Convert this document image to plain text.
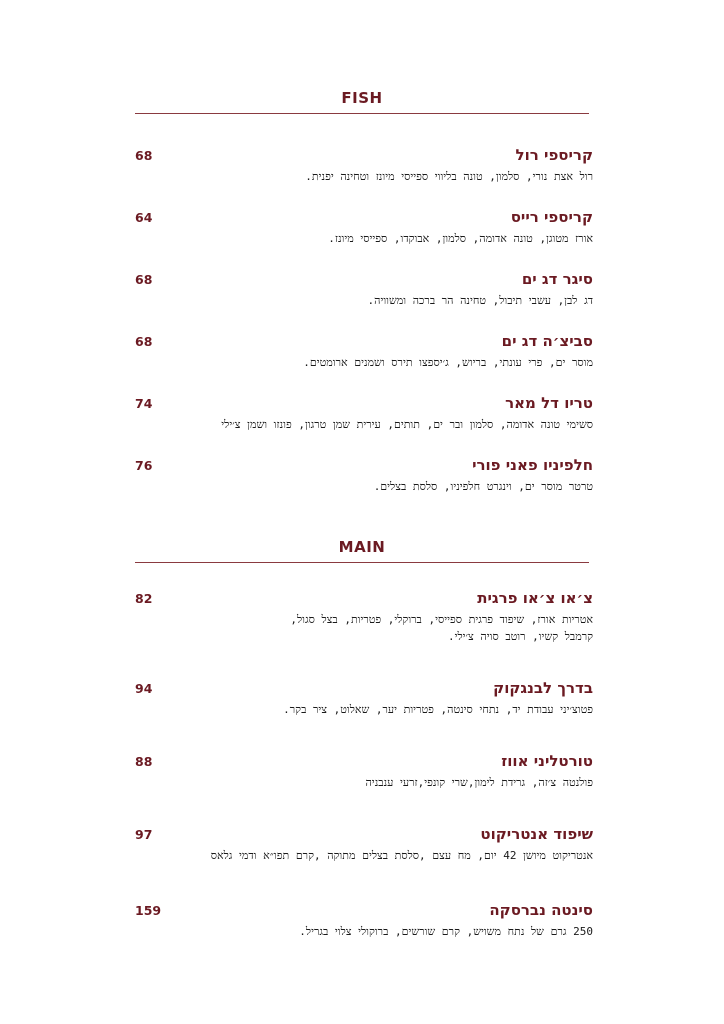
FISH
קריספי רול
68
רול אצת נורי, סלמון, טונה בליווי ספייסי מיונז וטחינה יפנית.
קריספי רייס
64
אורז מטוגן, טונה אדומה, סלמון, אבוקדו, ספייסי מיונז.
סיגר דג ים
68
דג לבן, עשבי תיבול, טחינה הר ברכה ומשוויה.
סביצ׳ה דג ים
68
מוסר ים, פרי עונתי, בריוש, ג׳יספצו תירס ושמנים ארומטים.
טריו דל מאר
74
סשימי טונה אדומה, סלמון ובר ים, תותים, עירית שמן טרגון, פונזו ושמן צ׳ילי
חלפיניו פאני פורי
76
טרטר מוסר ים, וינגרט חלפיניו, סלסת בצלים.
MAIN
צ׳או צ׳או פרגית
82
אטריות אורז, שיפוד פרגית ספייסי, ברוקלי, פטריות, בצל סגול,
קרמבל קשיו, רוטב סויה צ׳ילי.
בדרך לבנגקוק
94
פטוצ׳יני עבודת יד, נתחי סינטה, פטריות יער, שאלוט, ציר בקר.
טורטליני אווז
88
פולנטה צ׳זה, גרידת לימון,שרי קונפי,זרעי ענבניה
שיפוד אנטריקוט
97
אנטריקוט מיושן 42 יום, מח עצם ,סלסת בצלים מתוקה ,קרם תפו״א ודמי גלאס
סינטה נברסקה
159
250 גרם של נתח משויש, קרם שורשים, ברוקולי צלוי בגריל.
